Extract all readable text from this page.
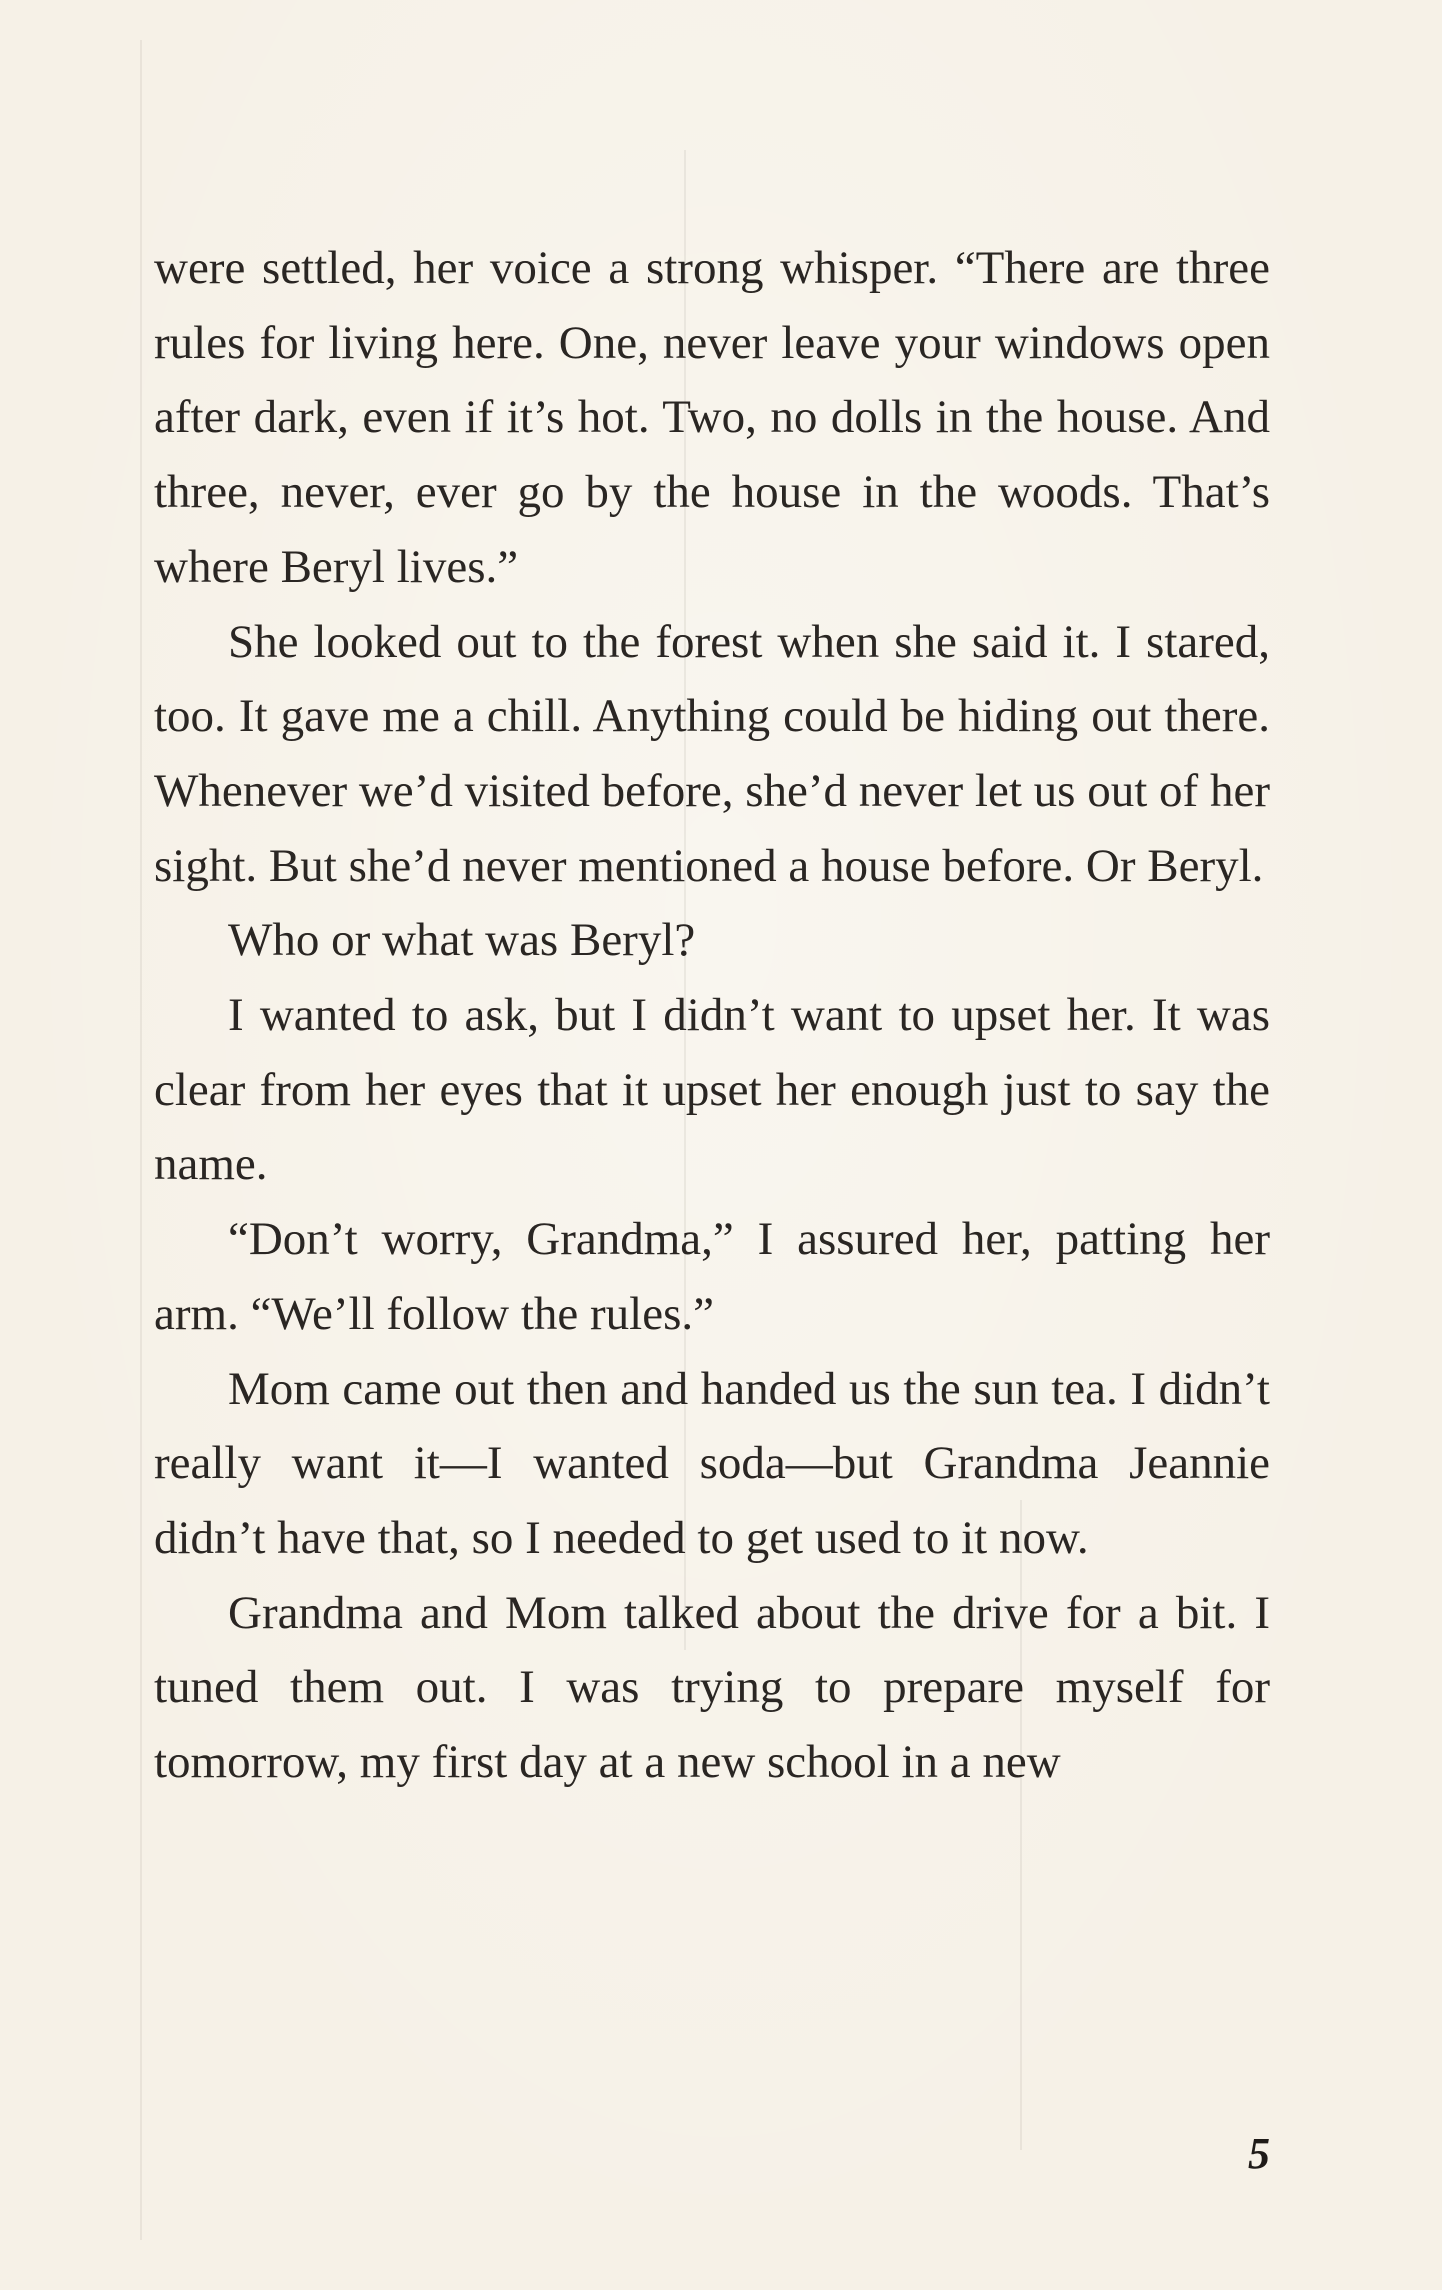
were settled, her voice a strong whisper. “There are three rules for living here. One, never leave your windows open after dark, even if it’s hot. Two, no dolls in the house. And three, never, ever go by the house in the woods. That’s where Beryl lives.”

She looked out to the forest when she said it. I stared, too. It gave me a chill. Anything could be hiding out there. Whenever we’d visited before, she’d never let us out of her sight. But she’d never mentioned a house before. Or Beryl.

Who or what was Beryl?

I wanted to ask, but I didn’t want to upset her. It was clear from her eyes that it upset her enough just to say the name.

“Don’t worry, Grandma,” I assured her, patting her arm. “We’ll follow the rules.”

Mom came out then and handed us the sun tea. I didn’t really want it—I wanted soda—but Grandma Jeannie didn’t have that, so I needed to get used to it now.

Grandma and Mom talked about the drive for a bit. I tuned them out. I was trying to prepare myself for tomorrow, my first day at a new school in a new

5
